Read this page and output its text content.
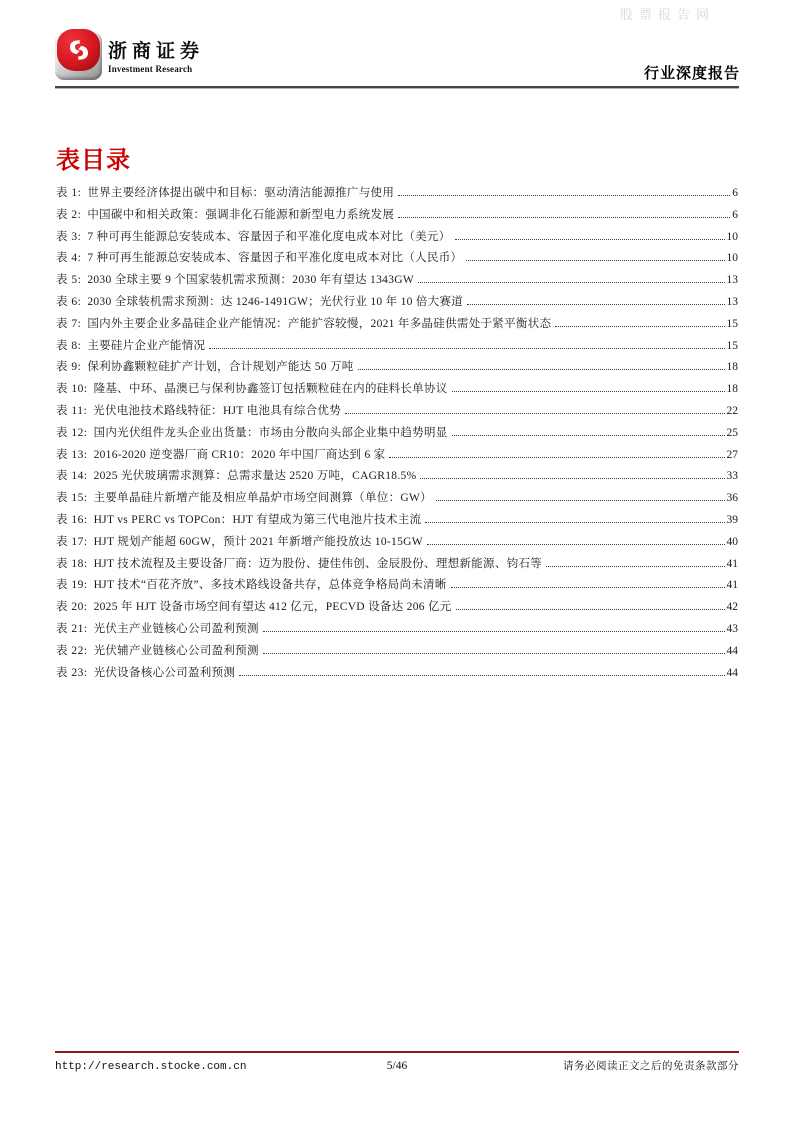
股票报告网
浙商证券
Investment Research	行业深度报告
表目录
表 1: 世界主要经济体提出碳中和目标：驱动清洁能源推广与使用	6
表 2: 中国碳中和相关政策：强调非化石能源和新型电力系统发展	6
表 3: 7 种可再生能源总安装成本、容量因子和平准化度电成本对比（美元）	10
表 4: 7 种可再生能源总安装成本、容量因子和平准化度电成本对比（人民币）	10
表 5: 2030 全球主要 9 个国家装机需求预测：2030 年有望达 1343GW	13
表 6: 2030 全球装机需求预测：达 1246-1491GW；光伏行业 10 年 10 倍大赛道	13
表 7: 国内外主要企业多晶硅企业产能情况：产能扩容较慢，2021 年多晶硅供需处于紧平衡状态	15
表 8: 主要硅片企业产能情况	15
表 9: 保利协鑫颗粒硅扩产计划，合计规划产能达 50 万吨	18
表 10: 隆基、中环、晶澳已与保利协鑫签订包括颗粒硅在内的硅料长单协议	18
表 11: 光伏电池技术路线特征：HJT 电池具有综合优势	22
表 12: 国内光伏组件龙头企业出货量：市场由分散向头部企业集中趋势明显	25
表 13: 2016-2020 逆变器厂商 CR10：2020 年中国厂商达到 6 家	27
表 14: 2025 光伏玻璃需求测算：总需求量达 2520 万吨，CAGR18.5%	33
表 15: 主要单晶硅片新增产能及相应单晶炉市场空间测算（单位：GW）	36
表 16: HJT vs PERC vs TOPCon：HJT 有望成为第三代电池片技术主流	39
表 17: HJT 规划产能超 60GW，预计 2021 年新增产能投放达 10-15GW	40
表 18: HJT 技术流程及主要设备厂商：迈为股份、捷佳伟创、金辰股份、理想新能源、钧石等	41
表 19: HJT 技术“百花齐放”、多技术路线设备共存，总体竞争格局尚未清晰	41
表 20: 2025 年 HJT 设备市场空间有望达 412 亿元，PECVD 设备达 206 亿元	42
表 21: 光伏主产业链核心公司盈利预测	43
表 22: 光伏辅产业链核心公司盈利预测	44
表 23: 光伏设备核心公司盈利预测	44
http://research.stocke.com.cn	5/46	请务必阅读正文之后的免责条款部分
